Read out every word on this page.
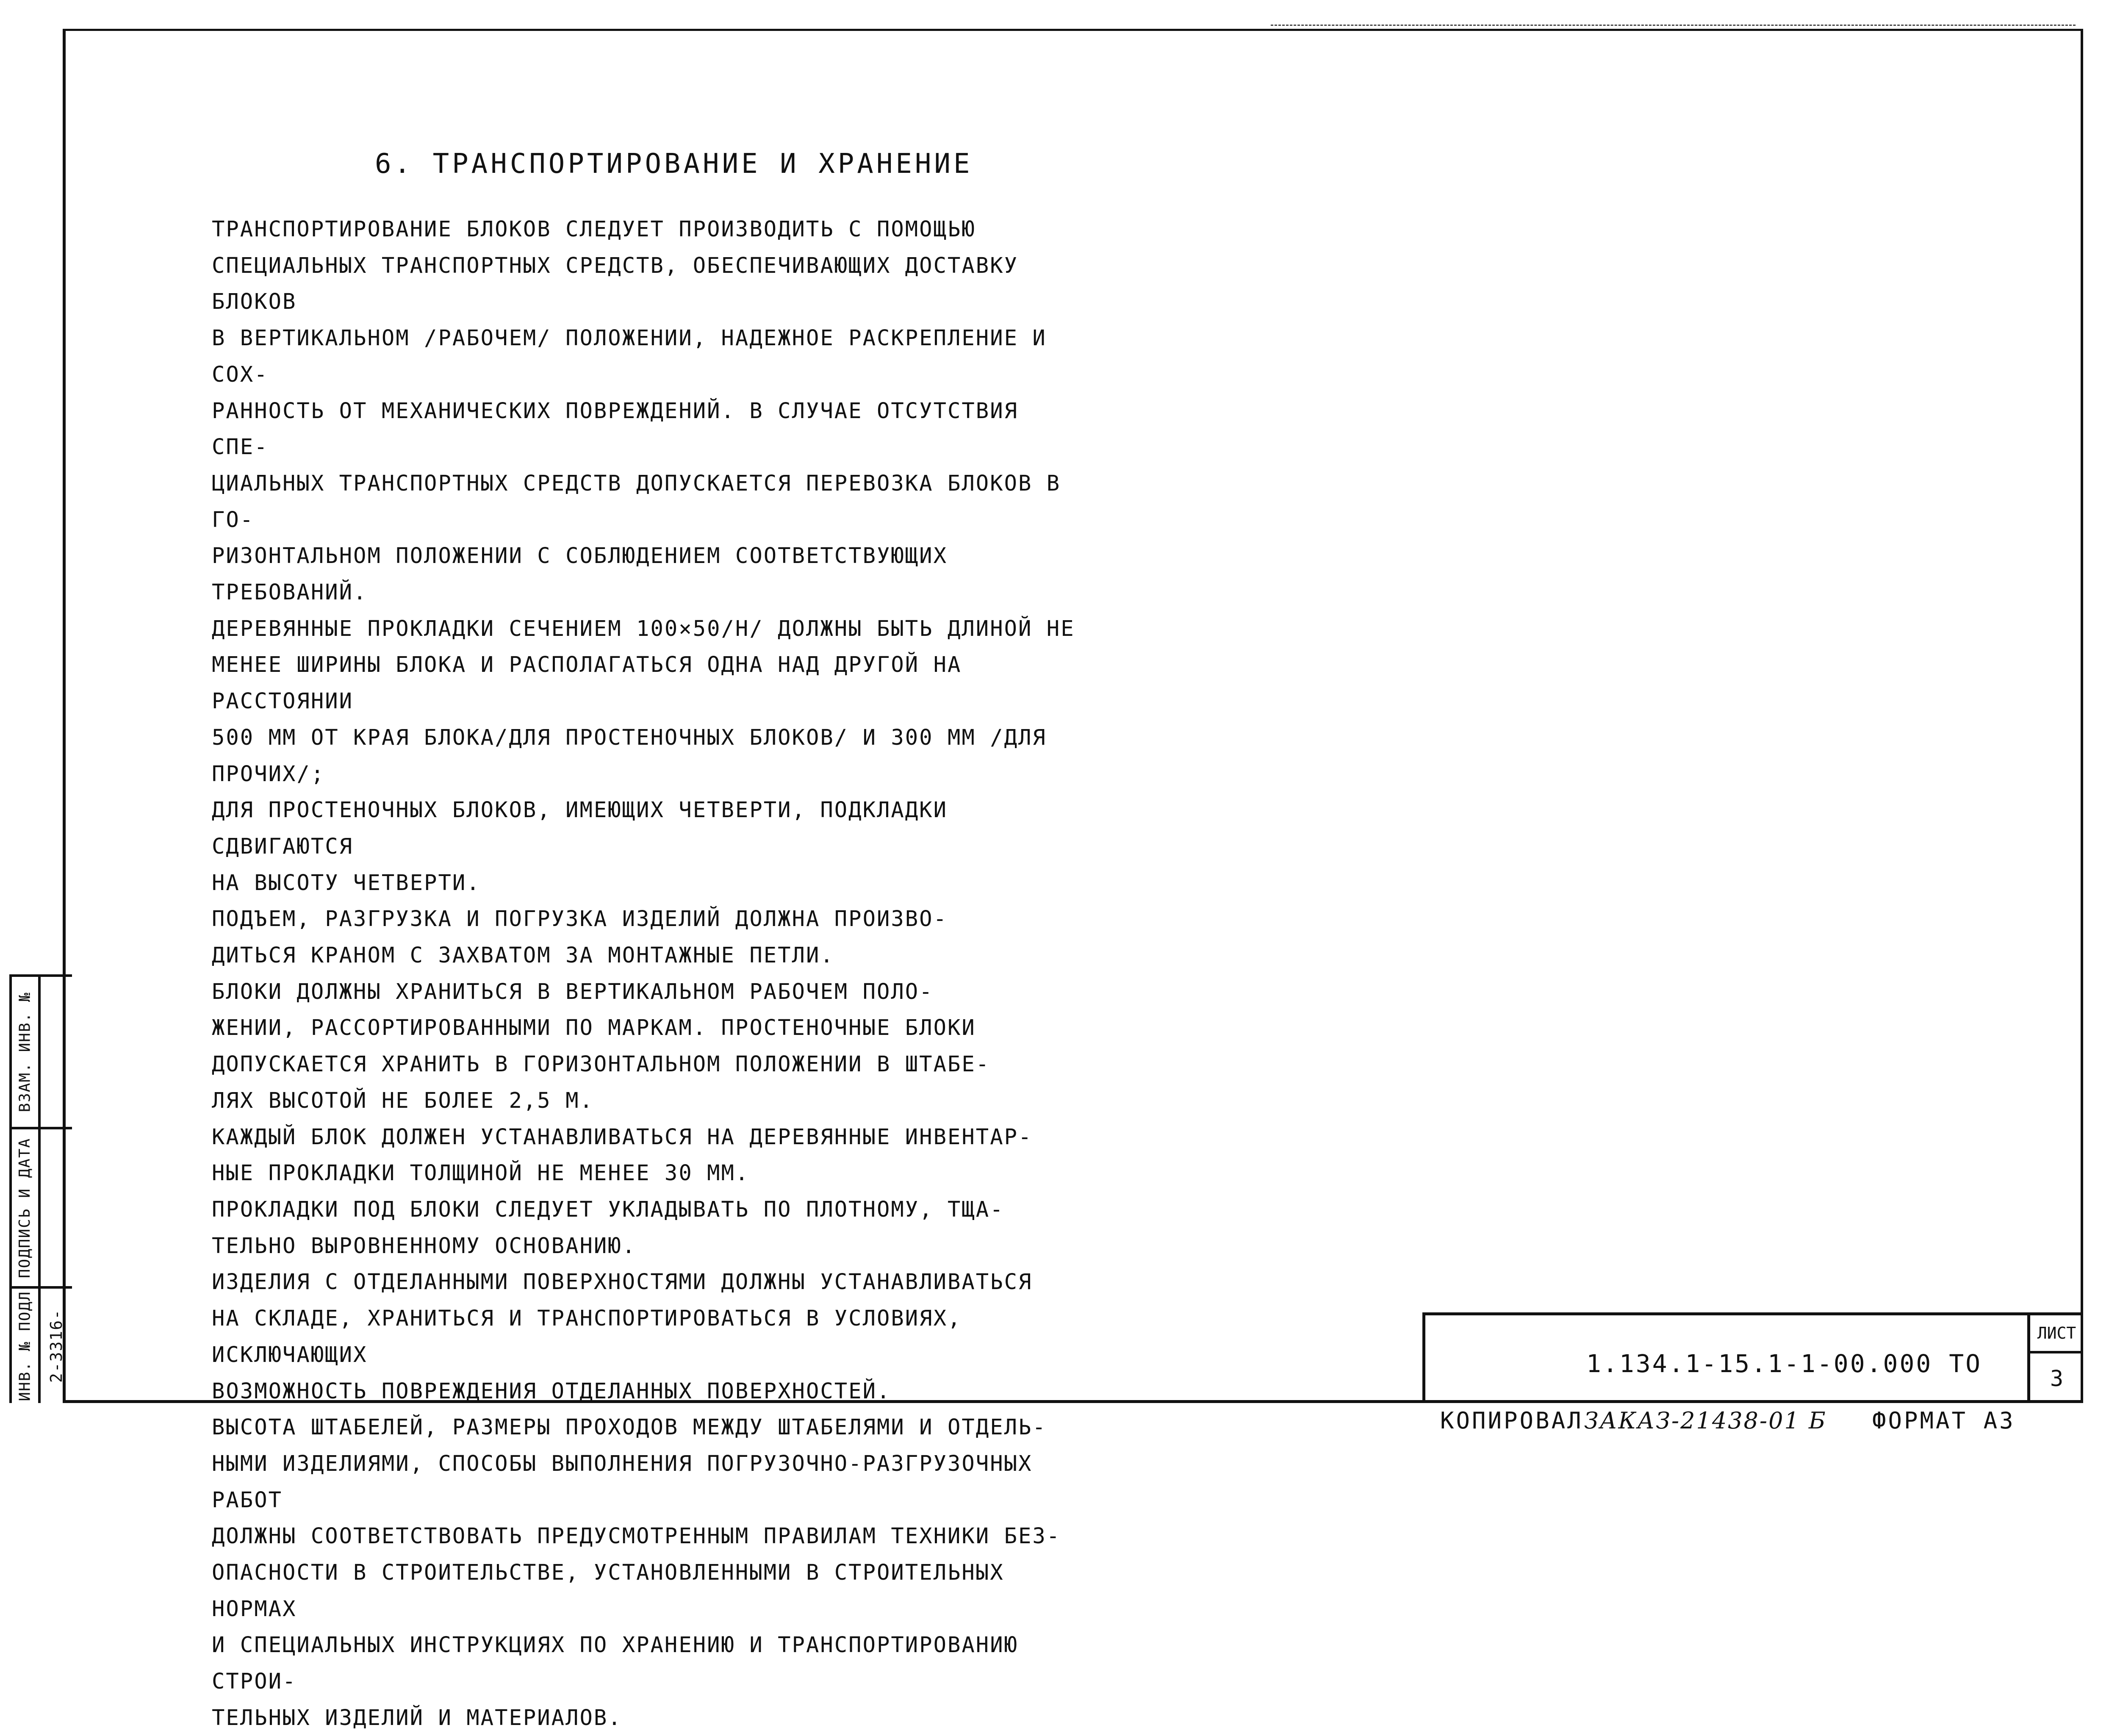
6. ТРАНСПОРТИРОВАНИЕ И ХРАНЕНИЕ

ТРАНСПОРТИРОВАНИЕ БЛОКОВ СЛЕДУЕТ ПРОИЗВОДИТЬ С ПОМОЩЬЮ
СПЕЦИАЛЬНЫХ ТРАНСПОРТНЫХ СРЕДСТВ, ОБЕСПЕЧИВАЮЩИХ ДОСТАВКУ БЛОКОВ
В ВЕРТИКАЛЬНОМ /РАБОЧЕМ/ ПОЛОЖЕНИИ, НАДЕЖНОЕ РАСКРЕПЛЕНИЕ И СОХ-
РАННОСТЬ ОТ МЕХАНИЧЕСКИХ ПОВРЕЖДЕНИЙ. В СЛУЧАЕ ОТСУТСТВИЯ СПЕ-
ЦИАЛЬНЫХ ТРАНСПОРТНЫХ СРЕДСТВ ДОПУСКАЕТСЯ ПЕРЕВОЗКА БЛОКОВ В ГО-
РИЗОНТАЛЬНОМ ПОЛОЖЕНИИ С СОБЛЮДЕНИЕМ СООТВЕТСТВУЮЩИХ ТРЕБОВАНИЙ.
ДЕРЕВЯННЫЕ ПРОКЛАДКИ СЕЧЕНИЕМ 100×50/H/ ДОЛЖНЫ БЫТЬ ДЛИНОЙ НЕ
МЕНЕЕ ШИРИНЫ БЛОКА И РАСПОЛАГАТЬСЯ ОДНА НАД ДРУГОЙ НА РАССТОЯНИИ
500 ММ ОТ КРАЯ БЛОКА/ДЛЯ ПРОСТЕНОЧНЫХ БЛОКОВ/ И 300 ММ /ДЛЯ ПРОЧИХ/;
ДЛЯ ПРОСТЕНОЧНЫХ БЛОКОВ, ИМЕЮЩИХ ЧЕТВЕРТИ, ПОДКЛАДКИ СДВИГАЮТСЯ
НА ВЫСОТУ ЧЕТВЕРТИ.

ПОДЪЕМ, РАЗГРУЗКА И ПОГРУЗКА ИЗДЕЛИЙ ДОЛЖНА ПРОИЗВО-
ДИТЬСЯ КРАНОМ С ЗАХВАТОМ ЗА МОНТАЖНЫЕ ПЕТЛИ.

БЛОКИ ДОЛЖНЫ ХРАНИТЬСЯ В ВЕРТИКАЛЬНОМ РАБОЧЕМ ПОЛО-
ЖЕНИИ, РАССОРТИРОВАННЫМИ ПО МАРКАМ. ПРОСТЕНОЧНЫЕ БЛОКИ
ДОПУСКАЕТСЯ ХРАНИТЬ В ГОРИЗОНТАЛЬНОМ ПОЛОЖЕНИИ В ШТАБЕ-
ЛЯХ ВЫСОТОЙ НЕ БОЛЕЕ 2,5 М.

КАЖДЫЙ БЛОК ДОЛЖЕН УСТАНАВЛИВАТЬСЯ НА ДЕРЕВЯННЫЕ ИНВЕНТАР-
НЫЕ ПРОКЛАДКИ ТОЛЩИНОЙ НЕ МЕНЕЕ 30 ММ.

ПРОКЛАДКИ ПОД БЛОКИ СЛЕДУЕТ УКЛАДЫВАТЬ ПО ПЛОТНОМУ, ТЩА-
ТЕЛЬНО ВЫРОВНЕННОМУ ОСНОВАНИЮ.

ИЗДЕЛИЯ С ОТДЕЛАННЫМИ ПОВЕРХНОСТЯМИ ДОЛЖНЫ УСТАНАВЛИВАТЬСЯ
НА СКЛАДЕ, ХРАНИТЬСЯ И ТРАНСПОРТИРОВАТЬСЯ В УСЛОВИЯХ, ИСКЛЮЧАЮЩИХ
ВОЗМОЖНОСТЬ ПОВРЕЖДЕНИЯ ОТДЕЛАННЫХ ПОВЕРХНОСТЕЙ.

ВЫСОТА ШТАБЕЛЕЙ, РАЗМЕРЫ ПРОХОДОВ МЕЖДУ ШТАБЕЛЯМИ И ОТДЕЛЬ-
НЫМИ ИЗДЕЛИЯМИ, СПОСОБЫ ВЫПОЛНЕНИЯ ПОГРУЗОЧНО-РАЗГРУЗОЧНЫХ РАБОТ
ДОЛЖНЫ СООТВЕТСТВОВАТЬ ПРЕДУСМОТРЕННЫМ ПРАВИЛАМ ТЕХНИКИ БЕЗ-
ОПАСНОСТИ В СТРОИТЕЛЬСТВЕ, УСТАНОВЛЕННЫМИ В СТРОИТЕЛЬНЫХ НОРМАХ
И СПЕЦИАЛЬНЫХ ИНСТРУКЦИЯХ ПО ХРАНЕНИЮ И ТРАНСПОРТИРОВАНИЮ СТРОИ-
ТЕЛЬНЫХ ИЗДЕЛИЙ И МАТЕРИАЛОВ.

ВЗАМ. ИНВ. №
ПОДПИСЬ И ДАТА
ИНВ. № ПОДЛ 2-3316-	1.134.1-15.1-1-00.000 ТО
ЛИСТ
3
КОПИРОВАЛ ЗАКАЗ-21438-01 Б ФОРМАТ А3
